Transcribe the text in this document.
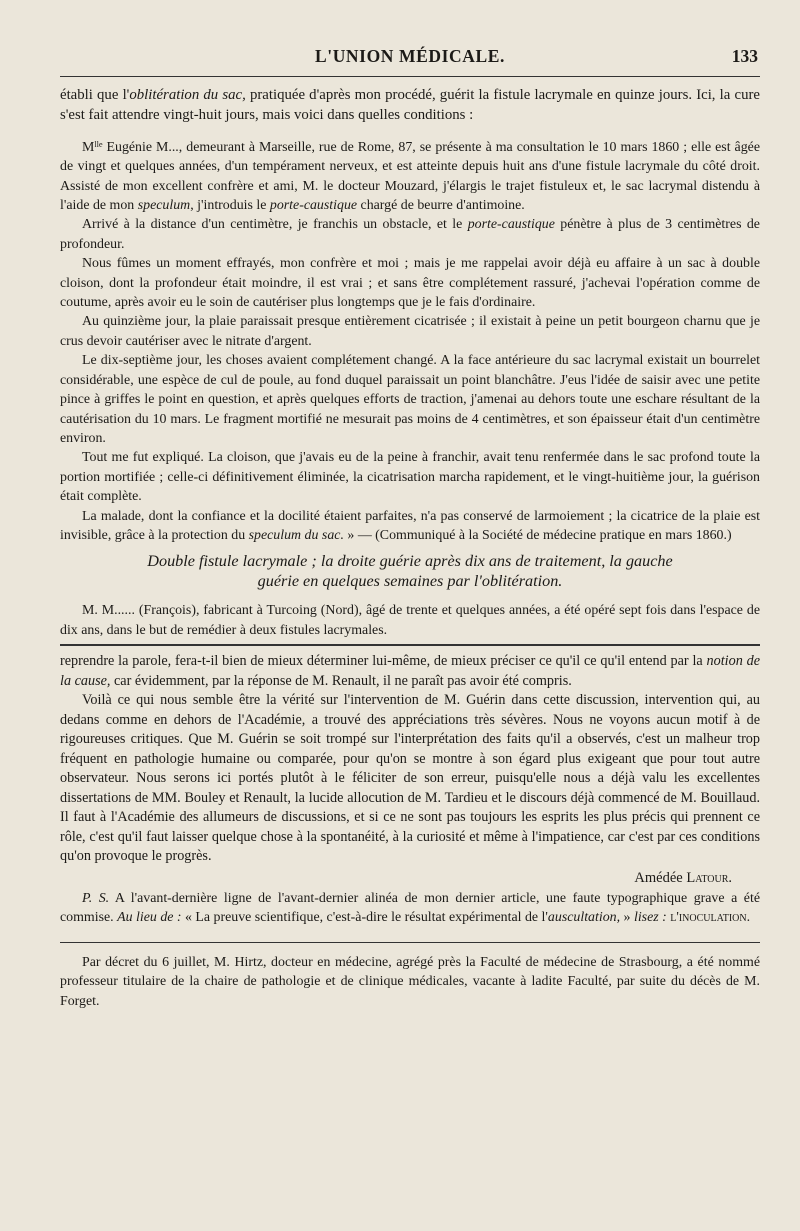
L'UNION MÉDICALE.	133

établi que l'oblitération du sac, pratiquée d'après mon procédé, guérit la fistule lacrymale en quinze jours. Ici, la cure s'est fait attendre vingt-huit jours, mais voici dans quelles conditions :

Mˡˡᵉ Eugénie M..., demeurant à Marseille, rue de Rome, 87, se présente à ma consultation le 10 mars 1860 ; elle est âgée de vingt et quelques années, d'un tempérament nerveux, et est atteinte depuis huit ans d'une fistule lacrymale du côté droit. Assisté de mon excellent confrère et ami, M. le docteur Mouzard, j'élargis le trajet fistuleux et, le sac lacrymal distendu à l'aide de mon speculum, j'introduis le porte-caustique chargé de beurre d'antimoine.

Arrivé à la distance d'un centimètre, je franchis un obstacle, et le porte-caustique pénètre à plus de 3 centimètres de profondeur.

Nous fûmes un moment effrayés, mon confrère et moi ; mais je me rappelai avoir déjà eu affaire à un sac à double cloison, dont la profondeur était moindre, il est vrai ; et sans être complétement rassuré, j'achevai l'opération comme de coutume, après avoir eu le soin de cautériser plus longtemps que je le fais d'ordinaire.

Au quinzième jour, la plaie paraissait presque entièrement cicatrisée ; il existait à peine un petit bourgeon charnu que je crus devoir cautériser avec le nitrate d'argent.

Le dix-septième jour, les choses avaient complétement changé. A la face antérieure du sac lacrymal existait un bourrelet considérable, une espèce de cul de poule, au fond duquel paraissait un point blanchâtre. J'eus l'idée de saisir avec une petite pince à griffes le point en question, et après quelques efforts de traction, j'amenai au dehors toute une eschare résultant de la cautérisation du 10 mars. Le fragment mortifié ne mesurait pas moins de 4 centimètres, et son épaisseur était d'un centimètre environ.

Tout me fut expliqué. La cloison, que j'avais eu de la peine à franchir, avait tenu renfermée dans le sac profond toute la portion mortifiée ; celle-ci définitivement éliminée, la cicatrisation marcha rapidement, et le vingt-huitième jour, la guérison était complète.

La malade, dont la confiance et la docilité étaient parfaites, n'a pas conservé de larmoiement ; la cicatrice de la plaie est invisible, grâce à la protection du speculum du sac. » — (Communiqué à la Société de médecine pratique en mars 1860.)

Double fistule lacrymale ; la droite guérie après dix ans de traitement, la gauche
guérie en quelques semaines par l'oblitération.

M. M...... (François), fabricant à Turcoing (Nord), âgé de trente et quelques années, a été opéré sept fois dans l'espace de dix ans, dans le but de remédier à deux fistules lacrymales.

reprendre la parole, fera-t-il bien de mieux déterminer lui-même, de mieux préciser ce qu'il ce qu'il entend par la notion de la cause, car évidemment, par la réponse de M. Renault, il ne paraît pas avoir été compris.

Voilà ce qui nous semble être la vérité sur l'intervention de M. Guérin dans cette discussion, intervention qui, au dedans comme en dehors de l'Académie, a trouvé des appréciations très sévères. Nous ne voyons aucun motif à de rigoureuses critiques. Que M. Guérin se soit trompé sur l'interprétation des faits qu'il a observés, c'est un malheur trop fréquent en pathologie humaine ou comparée, pour qu'on se montre à son égard plus exigeant que pour tout autre observateur. Nous serons ici portés plutôt à le féliciter de son erreur, puisqu'elle nous a déjà valu les excellentes dissertations de MM. Bouley et Renault, la lucide allocution de M. Tardieu et le discours déjà commencé de M. Bouillaud. Il faut à l'Académie des allumeurs de discussions, et si ce ne sont pas toujours les esprits les plus précis qui prennent ce rôle, c'est qu'il faut laisser quelque chose à la spontanéité, à la curiosité et même à l'impatience, car c'est par ces conditions qu'on provoque le progrès.

Amédée Latour.

P. S. A l'avant-dernière ligne de l'avant-dernier alinéa de mon dernier article, une faute typographique grave a été commise. Au lieu de : « La preuve scientifique, c'est-à-dire le résultat expérimental de l'auscultation, » lisez : l'inoculation.

Par décret du 6 juillet, M. Hirtz, docteur en médecine, agrégé près la Faculté de médecine de Strasbourg, a été nommé professeur titulaire de la chaire de pathologie et de clinique médicales, vacante à ladite Faculté, par suite du décès de M. Forget.
